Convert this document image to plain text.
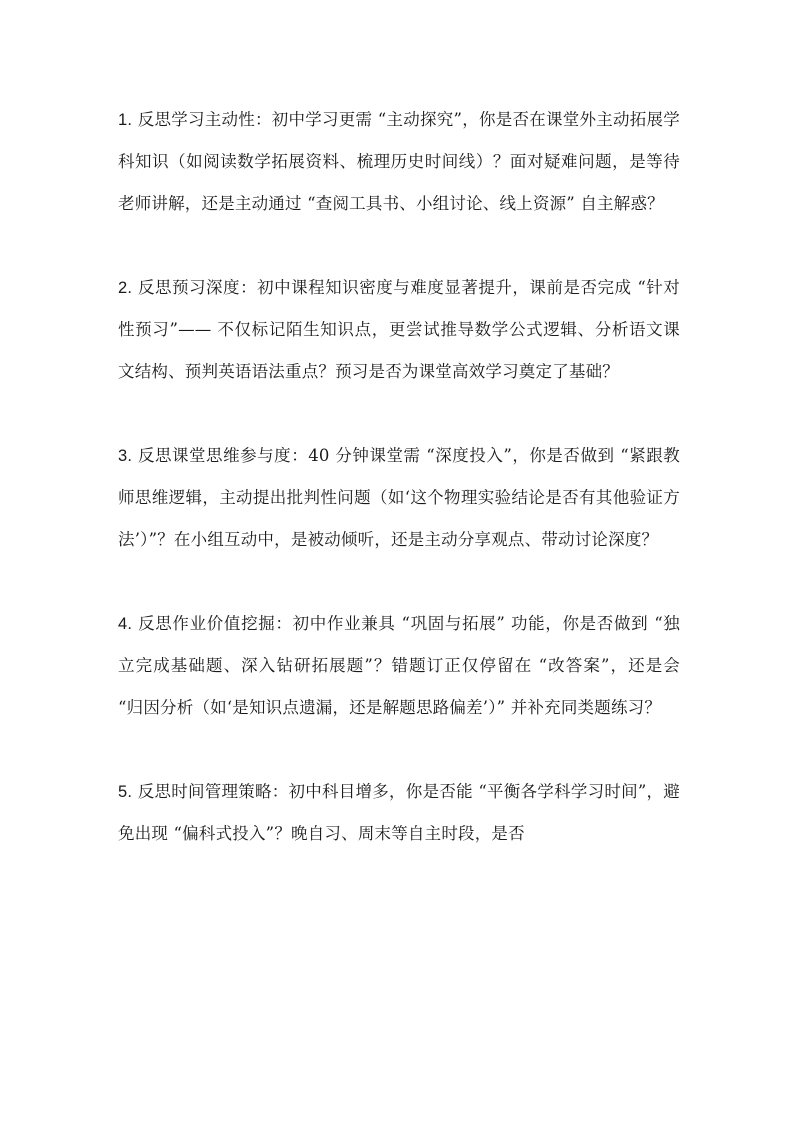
1. 反思学习主动性：初中学习更需 “主动探究”，你是否在课堂外主动拓展学科知识（如阅读数学拓展资料、梳理历史时间线）？面对疑难问题，是等待老师讲解，还是主动通过 “查阅工具书、小组讨论、线上资源” 自主解惑？

2. 反思预习深度：初中课程知识密度与难度显著提升，课前是否完成 “针对性预习”—— 不仅标记陌生知识点，更尝试推导数学公式逻辑、分析语文课文结构、预判英语语法重点？预习是否为课堂高效学习奠定了基础？

3. 反思课堂思维参与度：40 分钟课堂需 “深度投入”，你是否做到 “紧跟教师思维逻辑，主动提出批判性问题（如‘这个物理实验结论是否有其他验证方法’）”？在小组互动中，是被动倾听，还是主动分享观点、带动讨论深度？

4. 反思作业价值挖掘：初中作业兼具 “巩固与拓展” 功能，你是否做到 “独立完成基础题、深入钻研拓展题”？错题订正仅停留在 “改答案”，还是会 “归因分析（如‘是知识点遗漏，还是解题思路偏差’）” 并补充同类题练习？

5. 反思时间管理策略：初中科目增多，你是否能 “平衡各学科学习时间”，避免出现 “偏科式投入”？晚自习、周末等自主时段，是否
